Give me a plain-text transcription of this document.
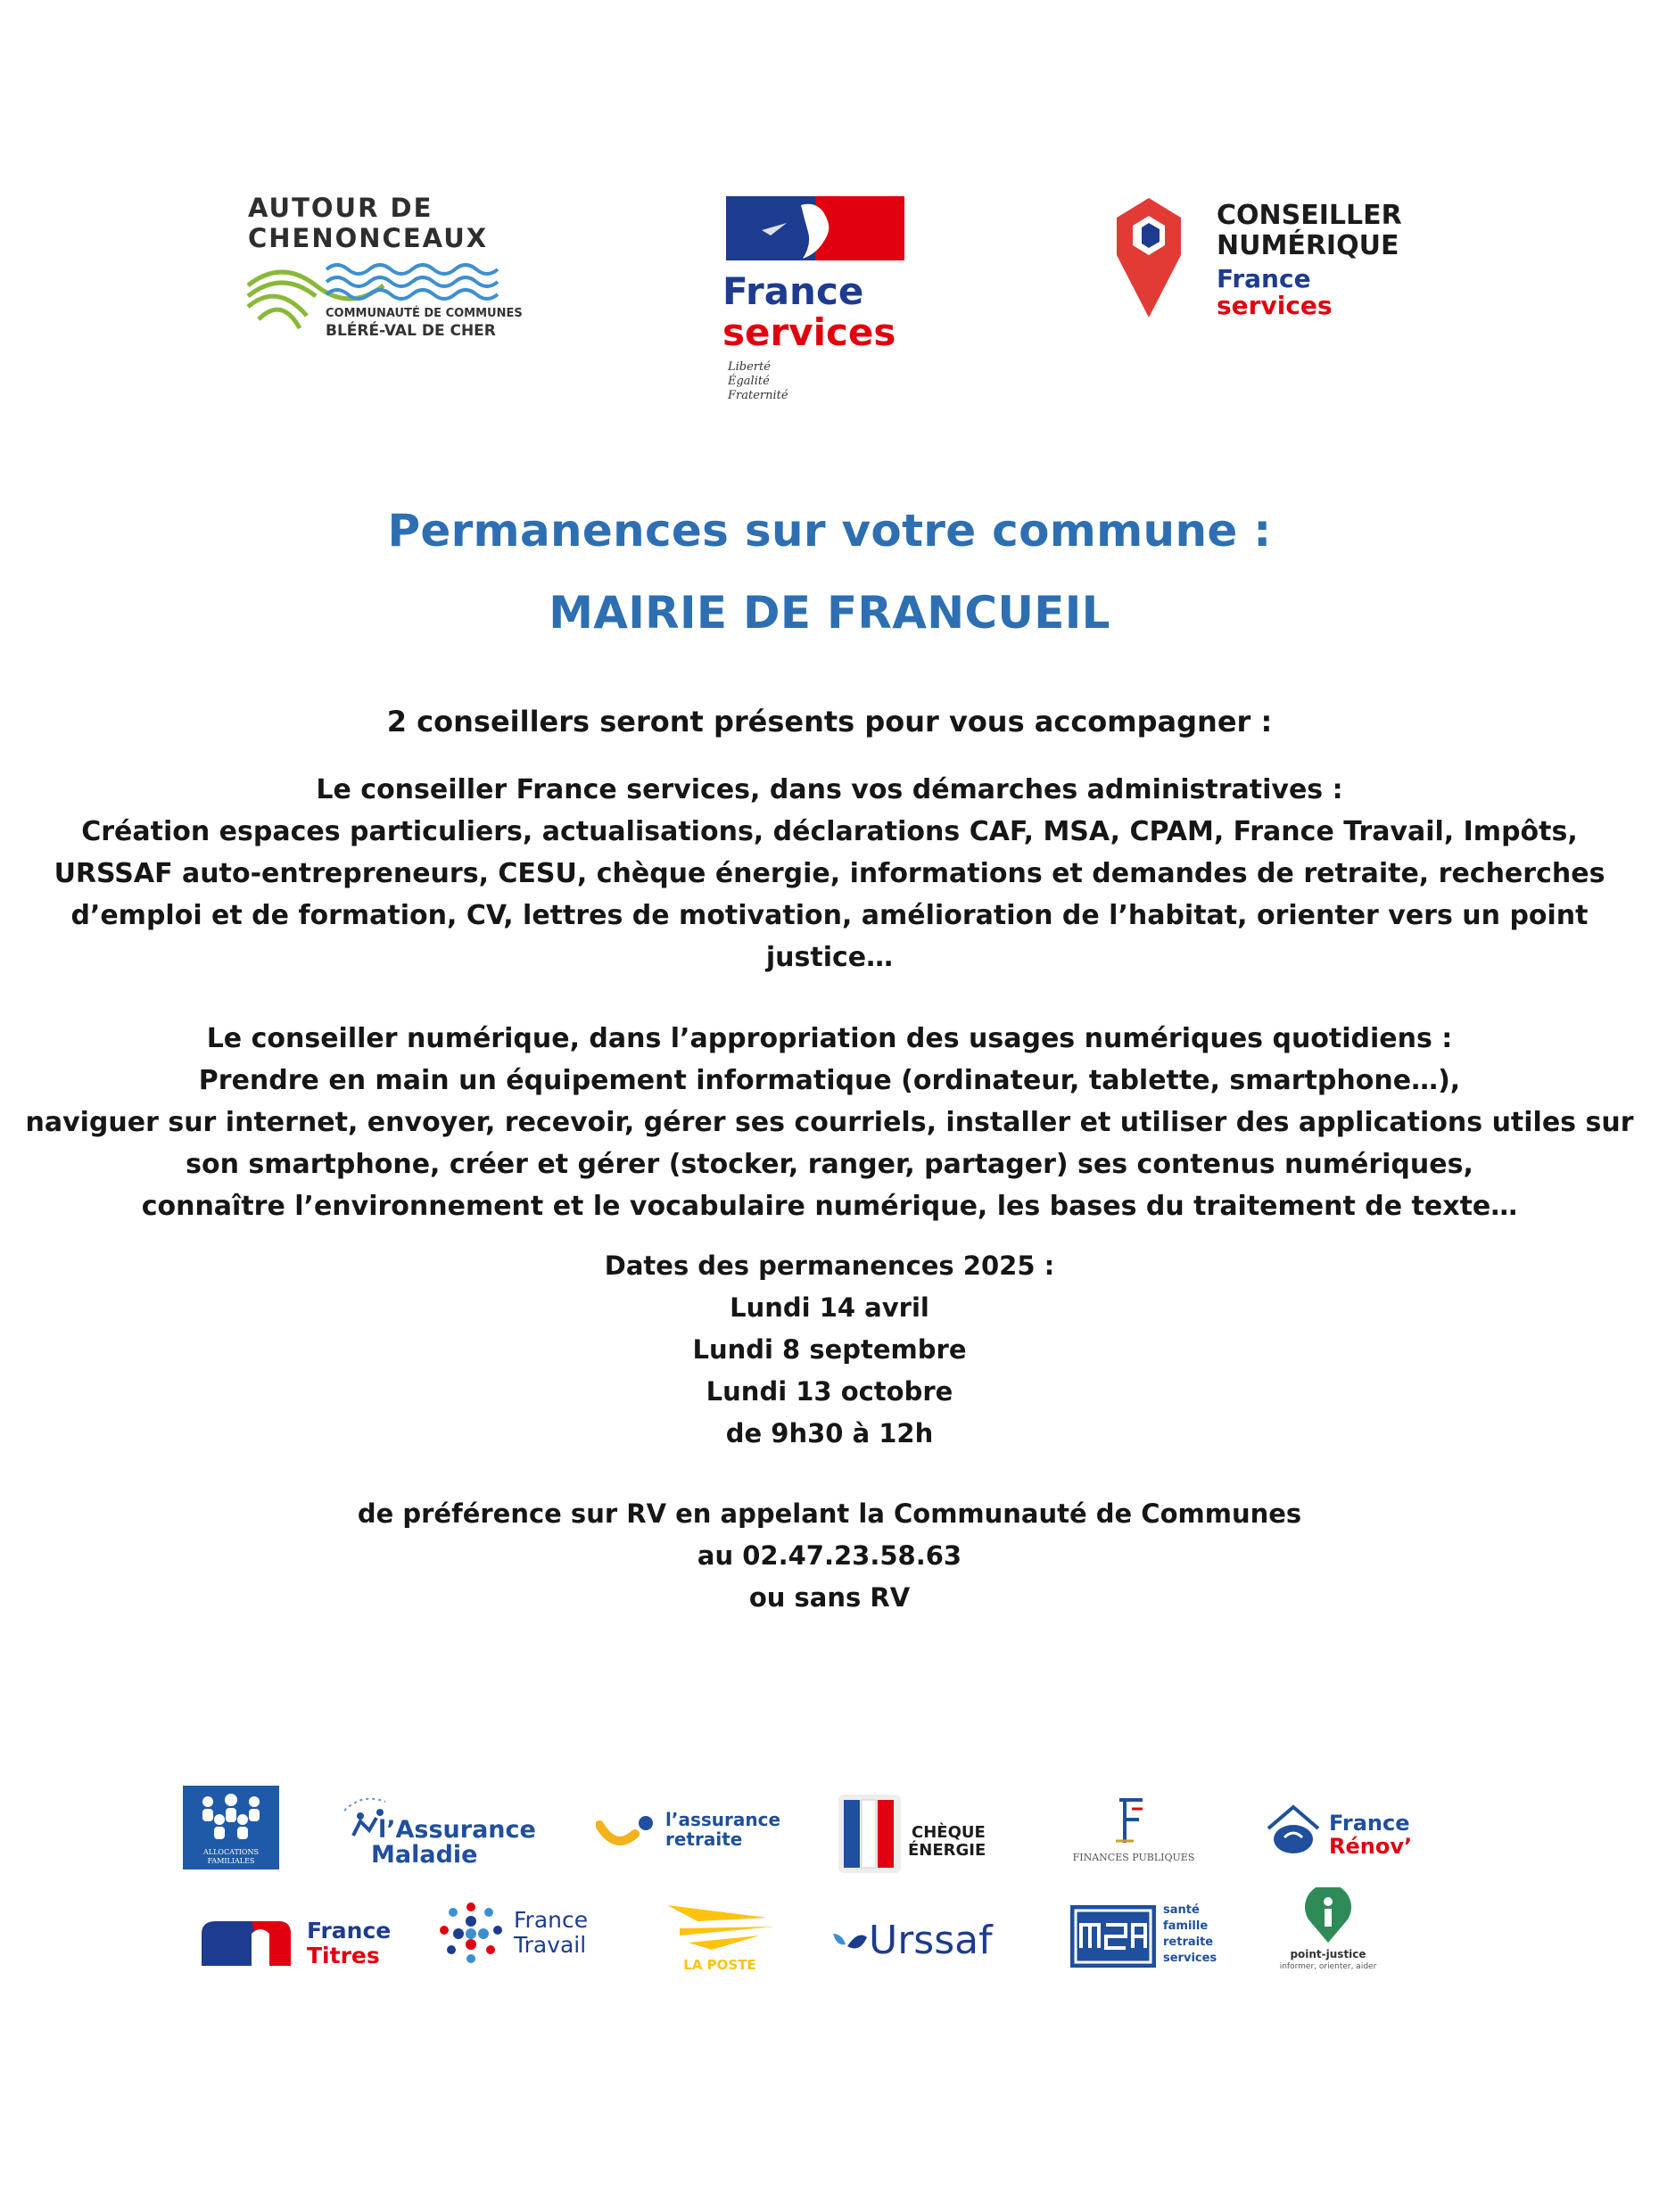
AUTOUR DE
CHENONCEAUX
COMMUNAUTÉ DE COMMUNES
BLÉRÉ-VAL DE CHER
France
services
Liberté
Égalité
Fraternité
CONSEILLER
NUMÉRIQUE
France
services
Permanences sur votre commune :
MAIRIE DE FRANCUEIL
2 conseillers seront présents pour vous accompagner :
Le conseiller France services, dans vos démarches administratives :
Création espaces particuliers, actualisations, déclarations CAF, MSA, CPAM, France Travail, Impôts,
URSSAF auto-entrepreneurs, CESU, chèque énergie, informations et demandes de retraite, recherches
d’emploi et de formation, CV, lettres de motivation, amélioration de l’habitat, orienter vers un point
justice…
Le conseiller numérique, dans l’appropriation des usages numériques quotidiens :
Prendre en main un équipement informatique (ordinateur, tablette, smartphone…),
naviguer sur internet, envoyer, recevoir, gérer ses courriels, installer et utiliser des applications utiles sur
son smartphone, créer et gérer (stocker, ranger, partager) ses contenus numériques,
connaître l’environnement et le vocabulaire numérique, les bases du traitement de texte…
Dates des permanences 2025 :
Lundi 14 avril
Lundi 8 septembre
Lundi 13 octobre
de 9h30 à 12h
de préférence sur RV en appelant la Communauté de Communes
au 02.47.23.58.63
ou sans RV
ALLOCATIONS FAMILIALES
l’Assurance
Maladie
l’assurance
retraite	CHÈQUE
ÉNERGIE	FINANCES PUBLIQUES
France
Rénov’
France
Titres
France
Travail
LA POSTE
Urssaf
santé
famille
retraite
services	point-justice
informer, orienter, aider
